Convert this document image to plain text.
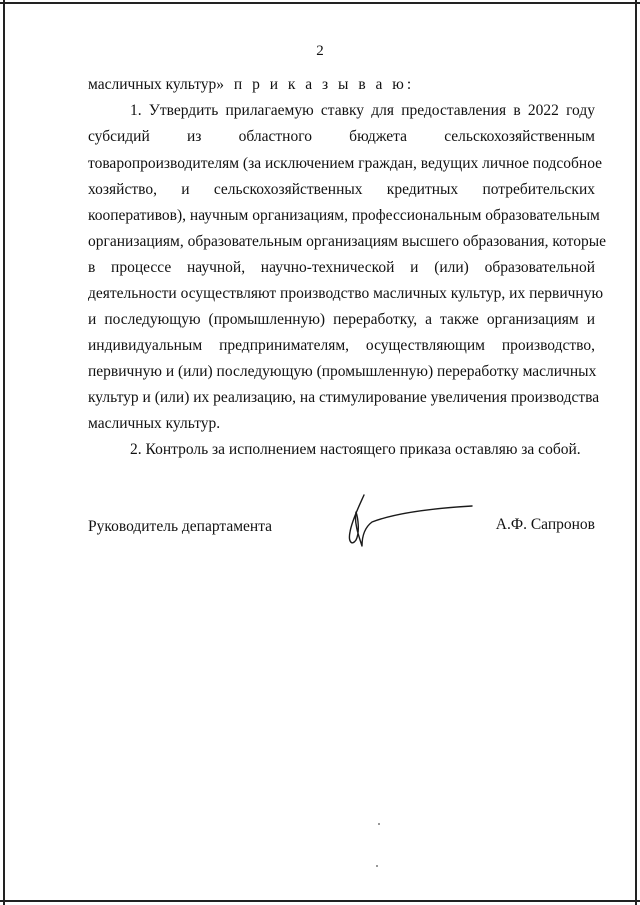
2
масличных культур» п р и к а з ы в а ю:
1. Утвердить прилагаемую ставку для предоставления в 2022 году
субсидий из областного бюджета сельскохозяйственным
товаропроизводителям (за исключением граждан, ведущих личное подсобное
хозяйство, и сельскохозяйственных кредитных потребительских
кооперативов), научным организациям, профессиональным образовательным
организациям, образовательным организациям высшего образования, которые
в процессе научной, научно-технической и (или) образовательной
деятельности осуществляют производство масличных культур, их первичную
и последующую (промышленную) переработку, а также организациям и
индивидуальным предпринимателям, осуществляющим производство,
первичную и (или) последующую (промышленную) переработку масличных
культур и (или) их реализацию, на стимулирование увеличения производства
масличных культур.
2. Контроль за исполнением настоящего приказа оставляю за собой.
Руководитель департамента	А.Ф. Сапронов
